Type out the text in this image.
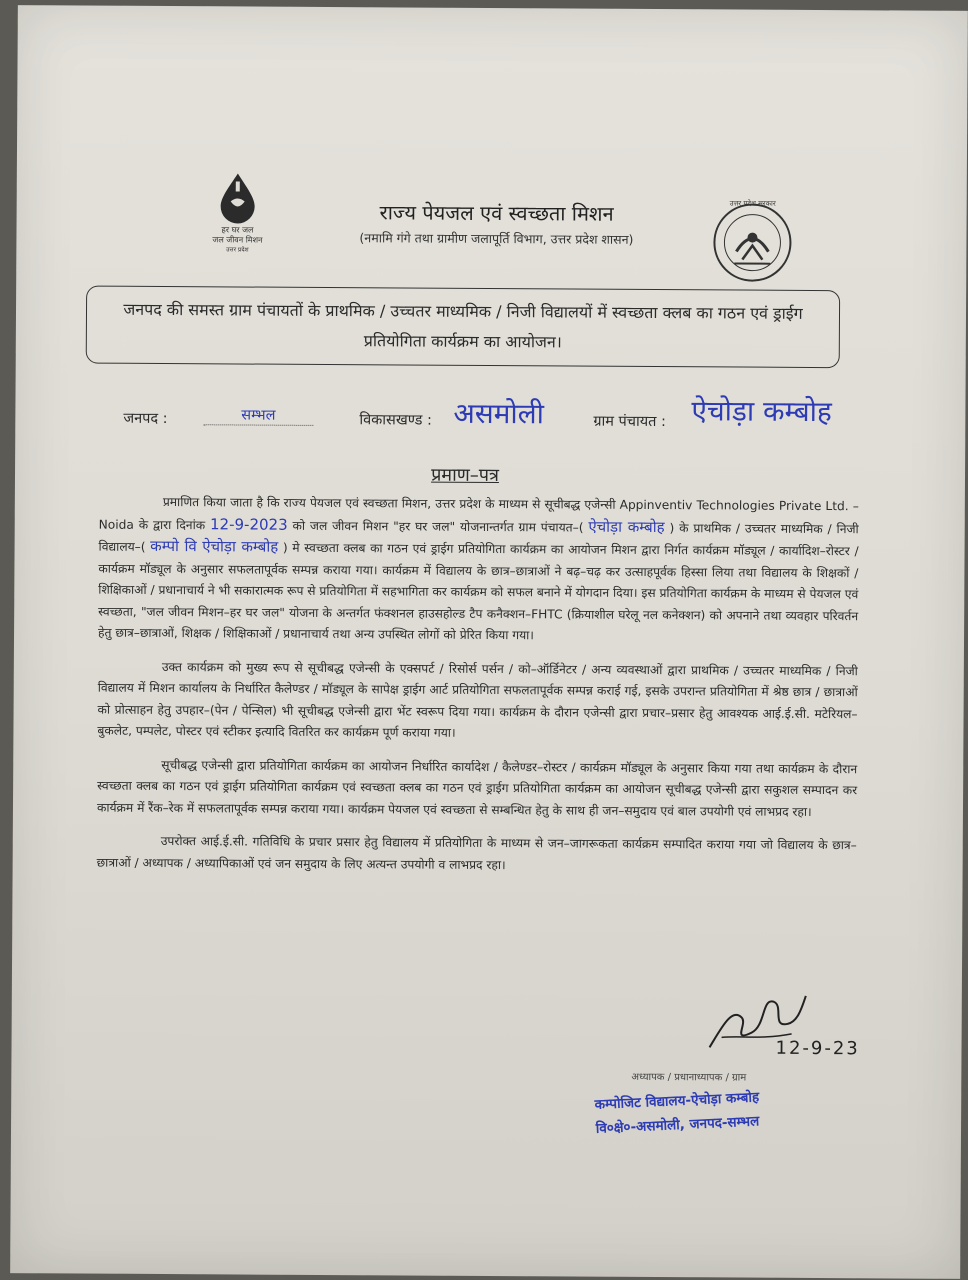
हर घर जल
जल जीवन मिशन
उत्तर प्रदेश
राज्य पेयजल एवं स्वच्छता मिशन
(नमामि गंगे तथा ग्रामीण जलापूर्ति विभाग, उत्तर प्रदेश शासन)
उत्तर प्रदेश सरकार
जनपद की समस्त ग्राम पंचायतों के प्राथमिक / उच्चतर माध्यमिक / निजी विद्यालयों में स्वच्छता क्लब का गठन एवं ड्राईग प्रतियोगिता कार्यक्रम का आयोजन।
जनपद :	सम्भल	विकासखण्ड : असमोली	ग्राम पंचायत : ऐचोड़ा कम्बोह
प्रमाण–पत्र

प्रमाणित किया जाता है कि राज्य पेयजल एवं स्वच्छता मिशन, उत्तर प्रदेश के माध्यम से सूचीबद्ध एजेन्सी Appinventiv Technologies Private Ltd. – Noida के द्वारा दिनांक 12-9-2023 को जल जीवन मिशन "हर घर जल" योजनान्तर्गत ग्राम पंचायत–( ऐचोड़ा कम्बोह ) के प्राथमिक / उच्चतर माध्यमिक / निजी विद्यालय–( कम्पो वि ऐचोड़ा कम्बोह ) मे स्वच्छता क्लब का गठन एवं ड्राईग प्रतियोगिता कार्यक्रम का आयोजन मिशन द्वारा निर्गत कार्यक्रम मॉड्यूल / कार्यादिश–रोस्टर / कार्यक्रम मॉड्यूल के अनुसार सफलतापूर्वक सम्पन्न कराया गया। कार्यक्रम में विद्यालय के छात्र–छात्राओं ने बढ़–चढ़ कर उत्साहपूर्वक हिस्सा लिया तथा विद्यालय के शिक्षकों / शिक्षिकाओं / प्रधानाचार्य ने भी सकारात्मक रूप से प्रतियोगिता में सहभागिता कर कार्यक्रम को सफल बनाने में योगदान दिया। इस प्रतियोगिता कार्यक्रम के माध्यम से पेयजल एवं स्वच्छता, "जल जीवन मिशन–हर घर जल" योजना के अन्तर्गत फंक्शनल हाउसहोल्ड टैप कनैक्शन–FHTC (क्रियाशील घरेलू नल कनेक्शन) को अपनाने तथा व्यवहार परिवर्तन हेतु छात्र–छात्राओं, शिक्षक / शिक्षिकाओं / प्रधानाचार्य तथा अन्य उपस्थित लोगों को प्रेरित किया गया।

उक्त कार्यक्रम को मुख्य रूप से सूचीबद्ध एजेन्सी के एक्सपर्ट / रिसोर्स पर्सन / को–ऑर्डिनेटर / अन्य व्यवस्थाओं द्वारा प्राथमिक / उच्चतर माध्यमिक / निजी विद्यालय में मिशन कार्यालय के निर्धारित कैलेण्डर / मॉड्यूल के सापेक्ष ड्राईग आर्ट प्रतियोगिता सफलतापूर्वक सम्पन्न कराई गई, इसके उपरान्त प्रतियोगिता में श्रेष्ठ छात्र / छात्राओं को प्रोत्साहन हेतु उपहार–(पेन / पेन्सिल) भी सूचीबद्ध एजेन्सी द्वारा भेंट स्वरूप दिया गया। कार्यक्रम के दौरान एजेन्सी द्वारा प्रचार–प्रसार हेतु आवश्यक आई.ई.सी. मटेरियल–बुकलेट, पम्पलेट, पोस्टर एवं स्टीकर इत्यादि वितरित कर कार्यक्रम पूर्ण कराया गया।

सूचीबद्ध एजेन्सी द्वारा प्रतियोगिता कार्यक्रम का आयोजन निर्धारित कार्यादेश / कैलेण्डर–रोस्टर / कार्यक्रम मॉड्यूल के अनुसार किया गया तथा कार्यक्रम के दौरान स्वच्छता क्लब का गठन एवं ड्राईग प्रतियोगिता कार्यक्रम एवं स्वच्छता क्लब का गठन एवं ड्राईग प्रतियोगिता कार्यक्रम का आयोजन सूचीबद्ध एजेन्सी द्वारा सकुशल सम्पादन कर कार्यक्रम में रैंक–रेक में सफलतापूर्वक सम्पन्न कराया गया। कार्यक्रम पेयजल एवं स्वच्छता से सम्बन्धित हेतु के साथ ही जन–समुदाय एवं बाल उपयोगी एवं लाभप्रद रहा।

उपरोक्त आई.ई.सी. गतिविधि के प्रचार प्रसार हेतु विद्यालय में प्रतियोगिता के माध्यम से जन–जागरूकता कार्यक्रम सम्पादित कराया गया जो विद्यालय के छात्र–छात्राओं / अध्यापक / अध्यापिकाओं एवं जन समुदाय के लिए अत्यन्त उपयोगी व लाभप्रद रहा।

12-9-23
अध्यापक / प्रधानाध्यापक / ग्राम
कम्पोजिट विद्यालय-ऐचोड़ा कम्बोह
वि०क्षे०-असमोली, जनपद-सम्भल
